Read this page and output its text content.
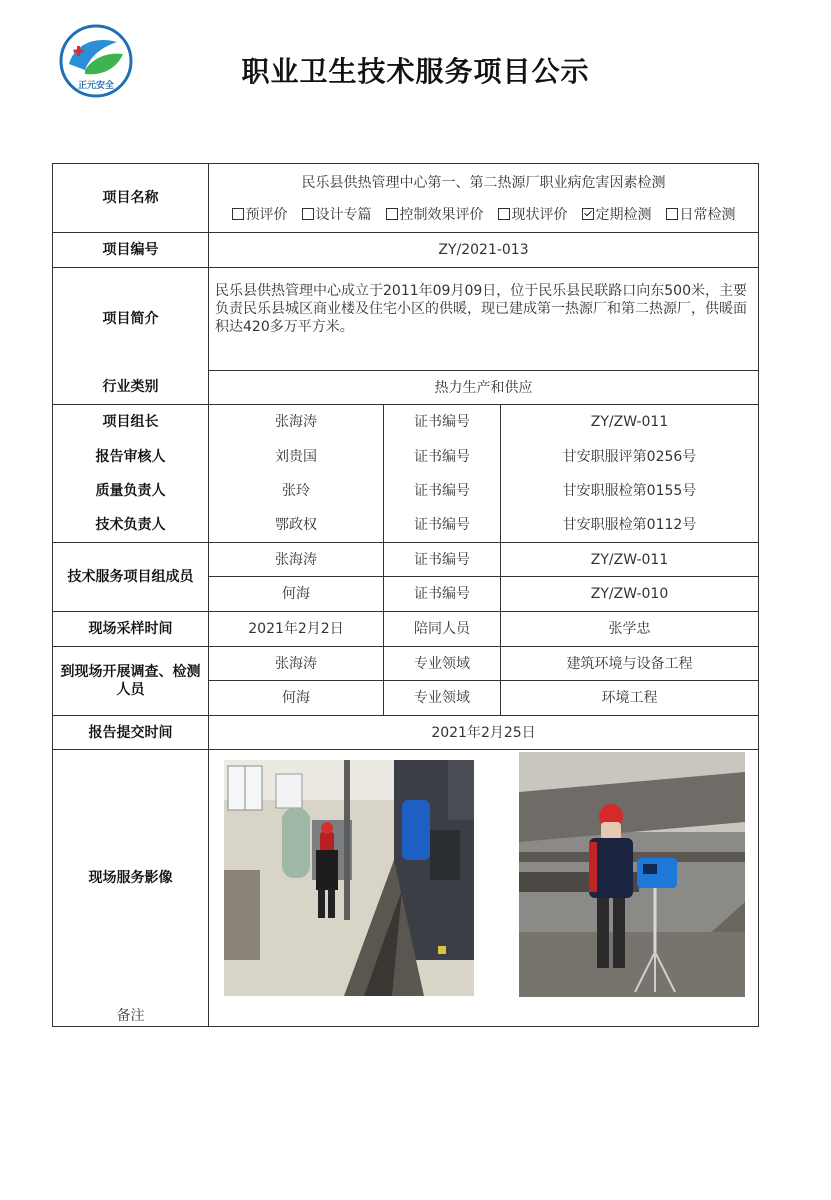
正元安全	职业卫生技术服务项目公示
项目名称
民乐县供热管理中心第一、第二热源厂职业病危害因素检测
预评价	设计专篇	控制效果评价	现状评价	定期检测	日常检测
项目编号	ZY/2021-013
项目简介
民乐县供热管理中心成立于2011年09月09日，位于民乐县民联路口向东500米，主要负责民乐县城区商业楼及住宅小区的供暖，现已建成第一热源厂和第二热源厂，供暖面积达420多万平方米。
行业类别	热力生产和供应
项目组长	张海涛	证书编号	ZY/ZW-011
报告审核人	刘贵国	证书编号	甘安职服评第0256号
质量负责人	张玲	证书编号	甘安职服检第0155号
技术负责人	鄂政权	证书编号	甘安职服检第0112号
技术服务项目组成员
张海涛	证书编号	ZY/ZW-011
何海	证书编号	ZY/ZW-010
现场采样时间	2021年2月2日	陪同人员	张学忠
到现场开展调查、检测人员
张海涛	专业领域	建筑环境与设备工程
何海	专业领域	环境工程
报告提交时间	2021年2月25日
现场服务影像
备注
